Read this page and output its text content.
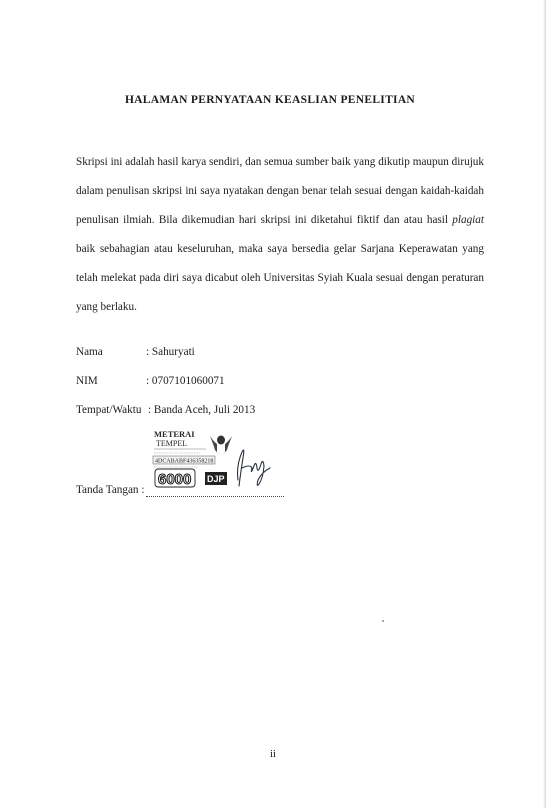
HALAMAN PERNYATAAN KEASLIAN PENELITIAN

Skripsi ini adalah hasil karya sendiri, dan semua sumber baik yang dikutip maupun dirujuk dalam penulisan skripsi ini saya nyatakan dengan benar telah sesuai dengan kaidah-kaidah penulisan ilmiah. Bila dikemudian hari skripsi ini diketahui fiktif dan atau hasil plagiat baik sebahagian atau keseluruhan, maka saya bersedia gelar Sarjana Keperawatan yang telah melekat pada diri saya dicabut oleh Universitas Syiah Kuala sesuai dengan peraturan yang berlaku.

Nama	: Sahuryati
NIM	: 0707101060071
Tempat/Waktu : Banda Aceh, Juli 2013
METERAI
TEMPEL
4DCABABF436358218
6000 DJP
Tanda Tangan :
ii
